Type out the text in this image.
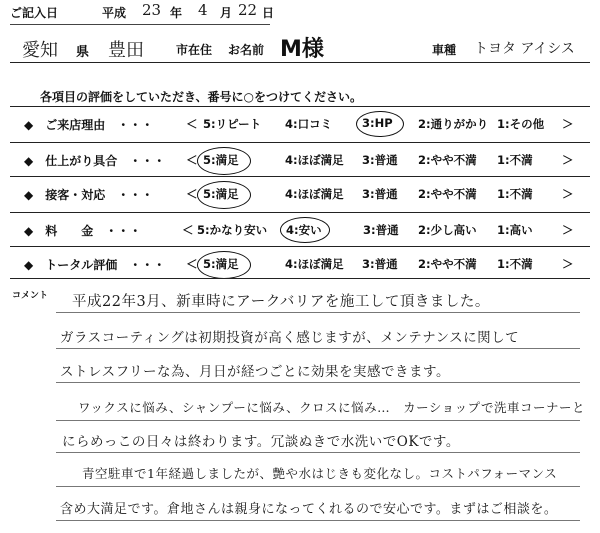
ご記入日	平成 23 年 4 月 22 日
愛知 県 豊田	市在住 お名前 M様	車種 トヨタ アイシス
各項目の評価をしていただき、番号に○をつけてください。
◆　ご来店理由　・・・	＜ 5:リピート 4:口コミ	3:HP 2:通りがかり 1:その他 ＞
◆　仕上がり具合　・・・ ＜ 5:満足	4:ほぼ満足 3:普通 2:やや不満 1:不満	＞
◆　接客・対応　・・・	＜ 5:満足	4:ほぼ満足 3:普通 2:やや不満 1:不満	＞
◆　料　　金　・・・	＜ 5:かなり安い 4:安い	3:普通 2:少し高い 1:高い	＞
◆　トータル評価　・・・ ＜ 5:満足	4:ほぼ満足 3:普通 2:やや不満 1:不満	＞
コメント 平成22年3月、新車時にアークバリアを施工して頂きました。
ガラスコーティングは初期投資が高く感じますが、メンテナンスに関して
ストレスフリーな為、月日が経つごとに効果を実感できます。
ワックスに悩み、シャンプーに悩み、クロスに悩み…　カーショップで洗車コーナーと
にらめっこの日々は終わります。冗談ぬきで水洗いでOKです。
青空駐車で1年経過しましたが、艶や水はじきも変化なし。コストパフォーマンス
含め大満足です。倉地さんは親身になってくれるので安心です。まずはご相談を。
